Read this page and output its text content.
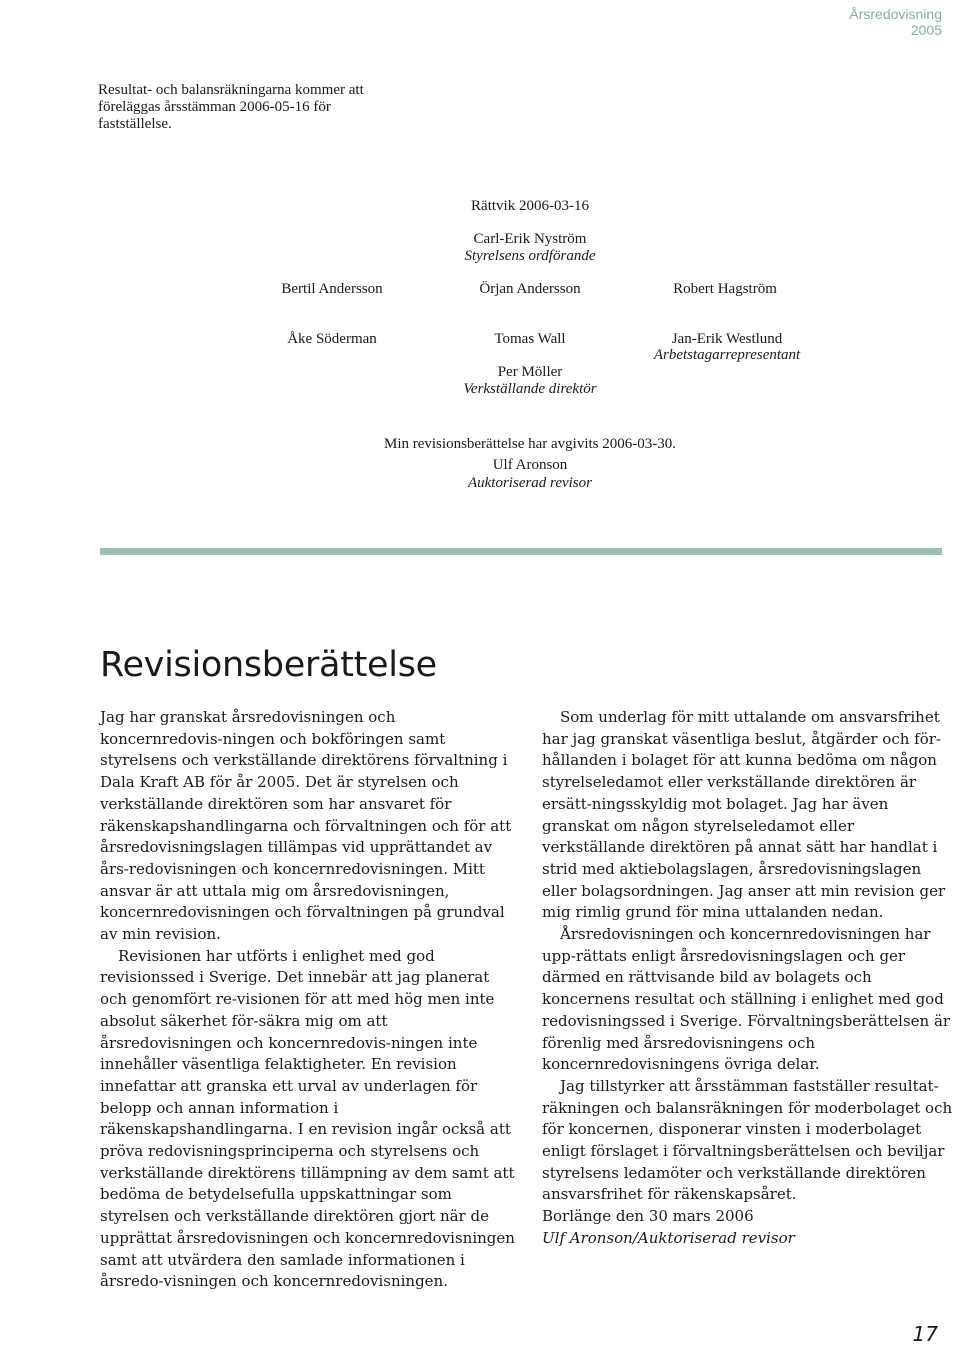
Årsredovisning
2005
Resultat- och balansräkningarna kommer att föreläggas årsstämman 2006-05-16 för fastställelse.
Rättvik 2006-03-16
Carl-Erik Nyström
Styrelsens ordförande
Bertil Andersson	Örjan Andersson	Robert Hagström
Åke Söderman	Tomas Wall	Jan-Erik Westlund
Arbetstagarrepresentant
Per Möller
Verkställande direktör
Min revisionsberättelse har avgivits 2006-03-30.
Ulf Aronson
Auktoriserad revisor
Revisionsberättelse

Jag har granskat årsredovisningen och koncernredovis-ningen och bokföringen samt styrelsens och verkställande direktörens förvaltning i Dala Kraft AB för år 2005. Det är styrelsen och verkställande direktören som har ansvaret för räkenskapshandlingarna och förvaltningen och för att årsredovisningslagen tillämpas vid upprättandet av års-redovisningen och koncernredovisningen. Mitt ansvar är att uttala mig om årsredovisningen, koncernredovisningen och förvaltningen på grundval av min revision.

Revisionen har utförts i enlighet med god revisionssed i Sverige. Det innebär att jag planerat och genomfört re-visionen för att med hög men inte absolut säkerhet för-säkra mig om att årsredovisningen och koncernredovis-ningen inte innehåller väsentliga felaktigheter. En revision innefattar att granska ett urval av underlagen för belopp och annan information i räkenskapshandlingarna. I en revision ingår också att pröva redovisningsprinciperna och styrelsens och verkställande direktörens tillämpning av dem samt att bedöma de betydelsefulla uppskattningar som styrelsen och verkställande direktören gjort när de upprättat årsredovisningen och koncernredovisningen samt att utvärdera den samlade informationen i årsredo-visningen och koncernredovisningen.

Som underlag för mitt uttalande om ansvarsfrihet har jag granskat väsentliga beslut, åtgärder och för-hållanden i bolaget för att kunna bedöma om någon styrelseledamot eller verkställande direktören är ersätt-ningsskyldig mot bolaget. Jag har även granskat om någon styrelseledamot eller verkställande direktören på annat sätt har handlat i strid med aktiebolagslagen, årsredovisningslagen eller bolagsordningen. Jag anser att min revision ger mig rimlig grund för mina uttalanden nedan.

Årsredovisningen och koncernredovisningen har upp-rättats enligt årsredovisningslagen och ger därmed en rättvisande bild av bolagets och koncernens resultat och ställning i enlighet med god redovisningssed i Sverige. Förvaltningsberättelsen är förenlig med årsredovisningens och koncernredovisningens övriga delar.

Jag tillstyrker att årsstämman fastställer resultat-räkningen och balansräkningen för moderbolaget och för koncernen, disponerar vinsten i moderbolaget enligt förslaget i förvaltningsberättelsen och beviljar styrelsens ledamöter och verkställande direktören ansvarsfrihet för räkenskapsåret.

Borlänge den 30 mars 2006
Ulf Aronson/Auktoriserad revisor
17
